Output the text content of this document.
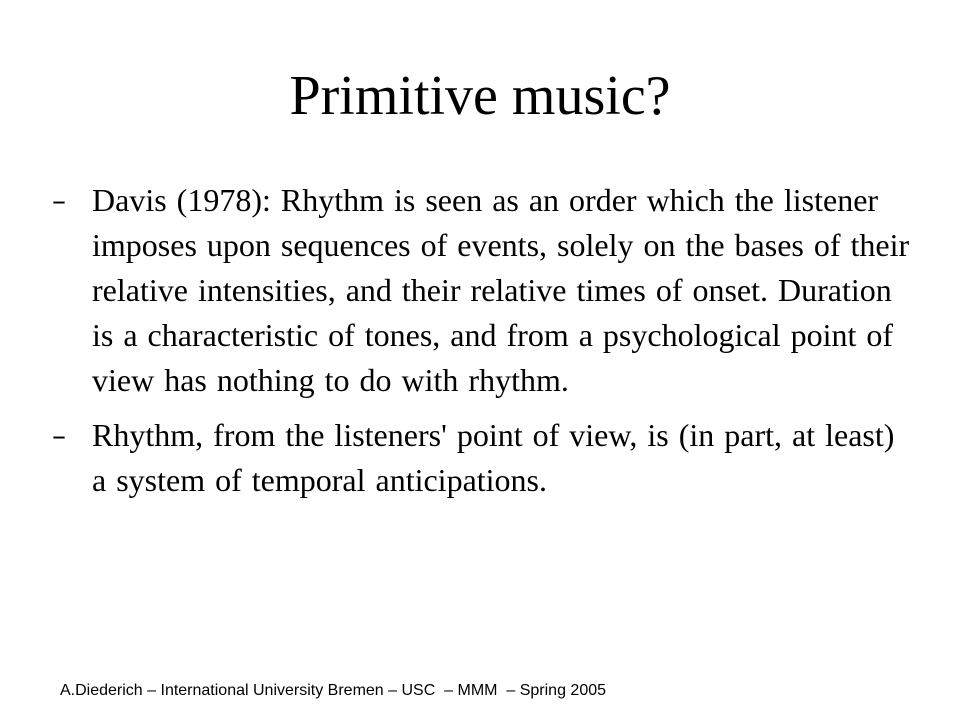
Primitive music?
– Davis (1978): Rhythm is seen as an order which the listener imposes upon sequences of events, solely on the bases of their relative intensities, and their relative times of onset. Duration is a characteristic of tones, and from a psychological point of view has nothing to do with rhythm.
– Rhythm, from the listeners' point of view, is (in part, at least) a system of temporal anticipations.
A.Diederich – International University Bremen – USC  – MMM  – Spring 2005
